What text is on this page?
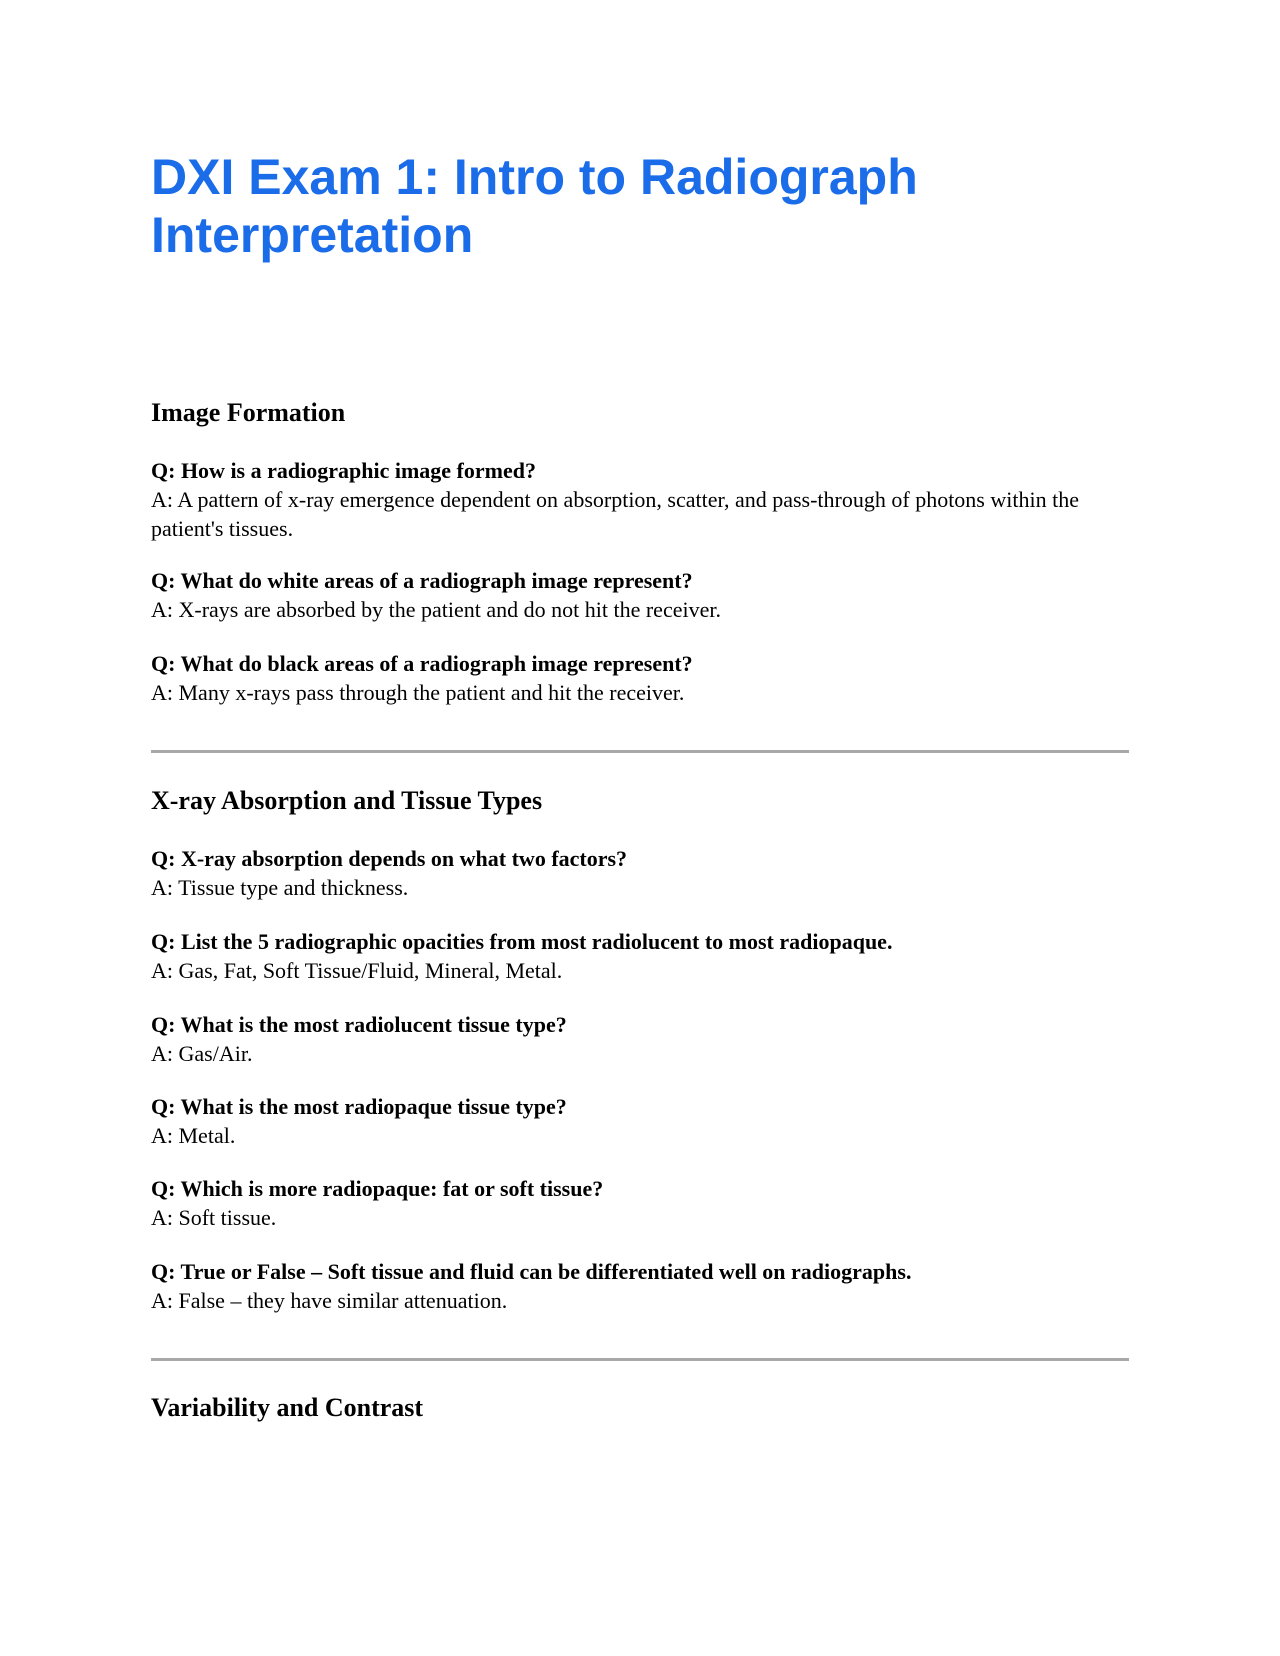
DXI Exam 1: Intro to Radiograph Interpretation
Image Formation
Q: How is a radiographic image formed?
A: A pattern of x-ray emergence dependent on absorption, scatter, and pass-through of photons within the patient's tissues.
Q: What do white areas of a radiograph image represent?
A: X-rays are absorbed by the patient and do not hit the receiver.
Q: What do black areas of a radiograph image represent?
A: Many x-rays pass through the patient and hit the receiver.
X-ray Absorption and Tissue Types
Q: X-ray absorption depends on what two factors?
A: Tissue type and thickness.
Q: List the 5 radiographic opacities from most radiolucent to most radiopaque.
A: Gas, Fat, Soft Tissue/Fluid, Mineral, Metal.
Q: What is the most radiolucent tissue type?
A: Gas/Air.
Q: What is the most radiopaque tissue type?
A: Metal.
Q: Which is more radiopaque: fat or soft tissue?
A: Soft tissue.
Q: True or False – Soft tissue and fluid can be differentiated well on radiographs.
A: False – they have similar attenuation.
Variability and Contrast
